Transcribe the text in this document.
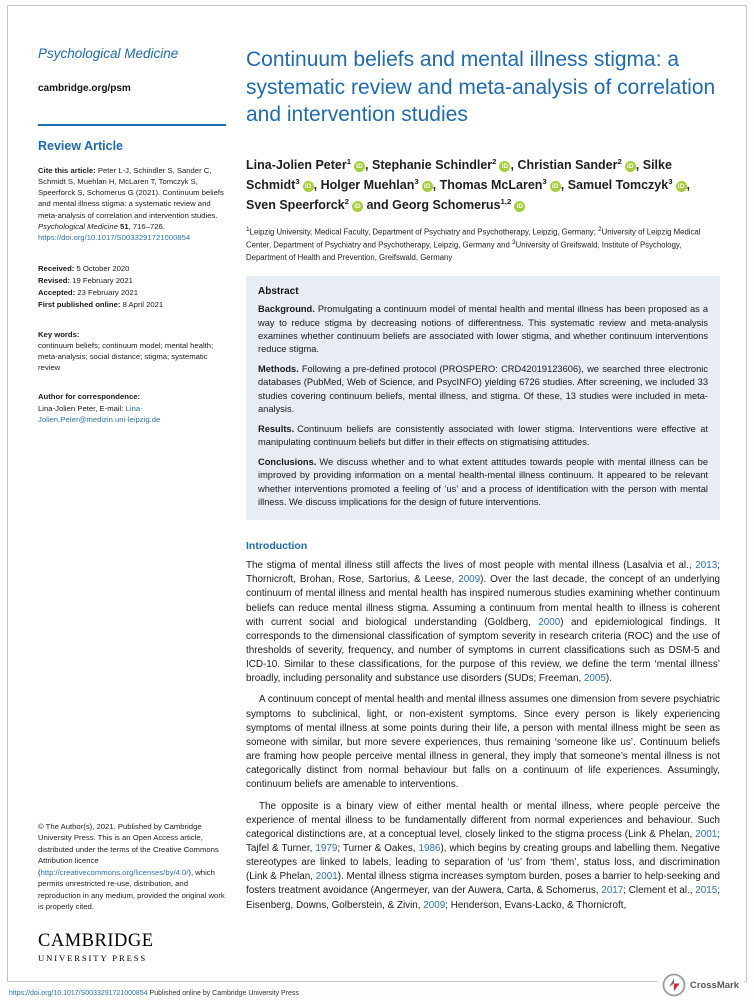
Psychological Medicine
cambridge.org/psm
Review Article

Cite this article: Peter L-J, Schindler S, Sander C, Schmidt S, Muehlan H, McLaren T, Tomczyk S, Speerforck S, Schomerus G (2021). Continuum beliefs and mental illness stigma: a systematic review and meta-analysis of correlation and intervention studies. Psychological Medicine 51, 716–726. https://doi.org/10.1017/S0033291721000854

Received: 5 October 2020
Revised: 19 February 2021
Accepted: 23 February 2021
First published online: 8 April 2021
Key words:
continuum beliefs; continuum model; mental health; meta-analysis; social distance; stigma; systematic review
Author for correspondence:
Lina-Jolien Peter, E-mail: Lina-Jolien.Peter@medizin.uni-leipzig.de

© The Author(s), 2021. Published by Cambridge University Press. This is an Open Access article, distributed under the terms of the Creative Commons Attribution licence (http://creativecommons.org/licenses/by/4.0/), which permits unrestricted re-use, distribution, and reproduction in any medium, provided the original work is properly cited.

CAMBRIDGE
UNIVERSITY PRESS
Continuum beliefs and mental illness stigma: a systematic review and meta-analysis of correlation and intervention studies
Lina-Jolien Peter$^1$iD , Stephanie Schindler$^2$iD , Christian Sander$^2$iD , Silke Schmidt$^3$iD , Holger Muehlan$^3$iD , Thomas McLaren$^3$iD , Samuel Tomczyk$^3$iD , Sven Speerforck$^2$iD and Georg Schomerus$^{1,2}$iD

$^1$Leipzig University, Medical Faculty, Department of Psychiatry and Psychotherapy, Leipzig, Germany; $^2$University of Leipzig Medical Center, Department of Psychiatry and Psychotherapy, Leipzig, Germany and $^3$University of Greifswald, Institute of Psychology, Department of Health and Prevention, Greifswald, Germany

Abstract

Background. Promulgating a continuum model of mental health and mental illness has been proposed as a way to reduce stigma by decreasing notions of differentness. This systematic review and meta-analysis examines whether continuum beliefs are associated with lower stigma, and whether continuum interventions reduce stigma.

Methods. Following a pre-defined protocol (PROSPERO: CRD42019123606), we searched three electronic databases (PubMed, Web of Science, and PsycINFO) yielding 6726 studies. After screening, we included 33 studies covering continuum beliefs, mental illness, and stigma. Of these, 13 studies were included in meta-analysis.

Results. Continuum beliefs are consistently associated with lower stigma. Interventions were effective at manipulating continuum beliefs but differ in their effects on stigmatising attitudes.

Conclusions. We discuss whether and to what extent attitudes towards people with mental illness can be improved by providing information on a mental health-mental illness continuum. It appeared to be relevant whether interventions promoted a feeling of ‘us’ and a process of identification with the person with mental illness. We discuss implications for the design of future interventions.

Introduction

The stigma of mental illness still affects the lives of most people with mental illness (Lasalvia et al., 2013; Thornicroft, Brohan, Rose, Sartorius, & Leese, 2009). Over the last decade, the concept of an underlying continuum of mental illness and mental health has inspired numerous studies examining whether continuum beliefs can reduce mental illness stigma. Assuming a continuum from mental health to illness is coherent with current social and biological understanding (Goldberg, 2000) and epidemiological findings. It corresponds to the dimensional classification of symptom severity in research criteria (ROC) and the use of thresholds of severity, frequency, and number of symptoms in current classifications such as DSM-5 and ICD-10. Similar to these classifications, for the purpose of this review, we define the term ‘mental illness’ broadly, including personality and substance use disorders (SUDs; Freeman, 2005).

A continuum concept of mental health and mental illness assumes one dimension from severe psychiatric symptoms to subclinical, light, or non-existent symptoms. Since every person is likely experiencing symptoms of mental illness at some points during their life, a person with mental illness might be seen as someone with similar, but more severe experiences, thus remaining ‘someone like us’. Continuum beliefs are framing how people perceive mental illness in general, they imply that someone’s mental illness is not categorically distinct from normal behaviour but falls on a continuum of life experiences. Assumingly, continuum beliefs are amenable to interventions.

The opposite is a binary view of either mental health or mental illness, where people perceive the experience of mental illness to be fundamentally different from normal experiences and behaviour. Such categorical distinctions are, at a conceptual level, closely linked to the stigma process (Link & Phelan, 2001; Tajfel & Turner, 1979; Turner & Oakes, 1986), which begins by creating groups and labelling them. Negative stereotypes are linked to labels, leading to separation of ‘us’ from ‘them’, status loss, and discrimination (Link & Phelan, 2001). Mental illness stigma increases symptom burden, poses a barrier to help-seeking and fosters treatment avoidance (Angermeyer, van der Auwera, Carta, & Schomerus, 2017; Clement et al., 2015; Eisenberg, Downs, Golberstein, & Zivin, 2009; Henderson, Evans-Lacko, & Thornicroft,

https://doi.org/10.1017/S0033291721000854 Published online by Cambridge University Press
CrossMark
